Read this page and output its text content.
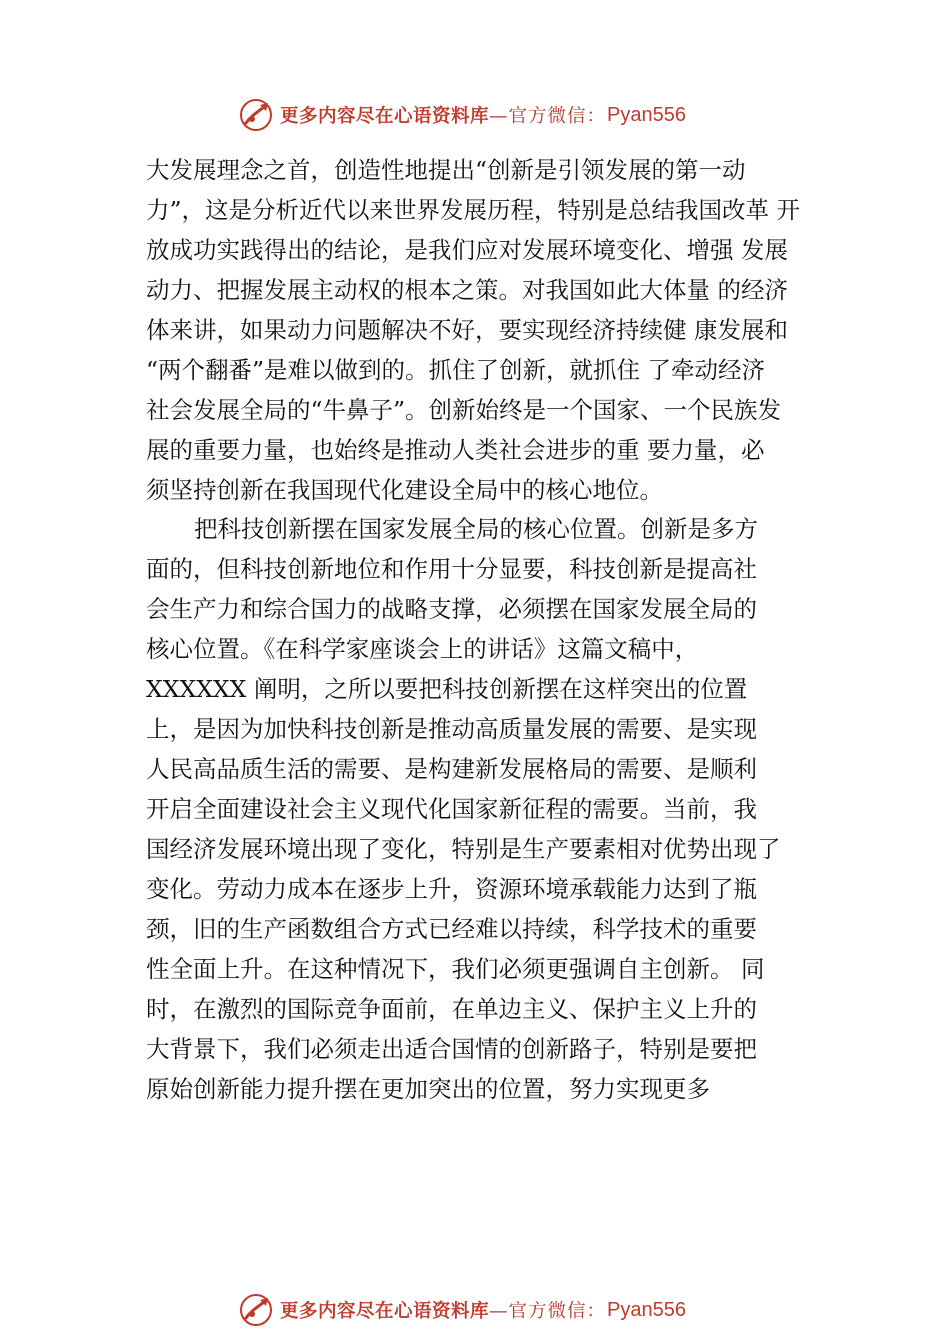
更多内容尽在心语资料库 —官方微信 ： Pyan556
大发展理念之首，创造性地提出“创新是引领发展的第一动
力”，这是分析近代以来世界发展历程，特别是总结我国改革 开
放成功实践得出的结论，是我们应对发展环境变化、增强 发展
动力、把握发展主动权的根本之策。对我国如此大体量 的经济
体来讲，如果动力问题解决不好，要实现经济持续健 康发展和
“两个翻番”是难以做到的。抓住了创新，就抓住 了牵动经济
社会发展全局的“牛鼻子”。创新始终是一个国家、一个民族发
展的重要力量，也始终是推动人类社会进步的重 要力量，必
须坚持创新在我国现代化建设全局中的核心地位。
把科技创新摆在国家发展全局的核心位置。创新是多方
面的，但科技创新地位和作用十分显要，科技创新是提高社
会生产力和综合国力的战略支撑，必须摆在国家发展全局的
核心位置。《在科学家座谈会上的讲话》这篇文稿中，
XXXXXX 阐明，之所以要把科技创新摆在这样突出的位置
上，是因为加快科技创新是推动高质量发展的需要、是实现
人民高品质生活的需要、是构建新发展格局的需要、是顺利
开启全面建设社会主义现代化国家新征程的需要。当前，我
国经济发展环境出现了变化，特别是生产要素相对优势出现了
变化。劳动力成本在逐步上升，资源环境承载能力达到了瓶
颈，旧的生产函数组合方式已经难以持续，科学技术的重要
性全面上升。在这种情况下，我们必须更强调自主创新。 同
时，在激烈的国际竞争面前，在单边主义、保护主义上升的
大背景下，我们必须走出适合国情的创新路子，特别是要把
原始创新能力提升摆在更加突出的位置，努力实现更多
更多内容尽在心语资料库 —官方微信 ： Pyan556
